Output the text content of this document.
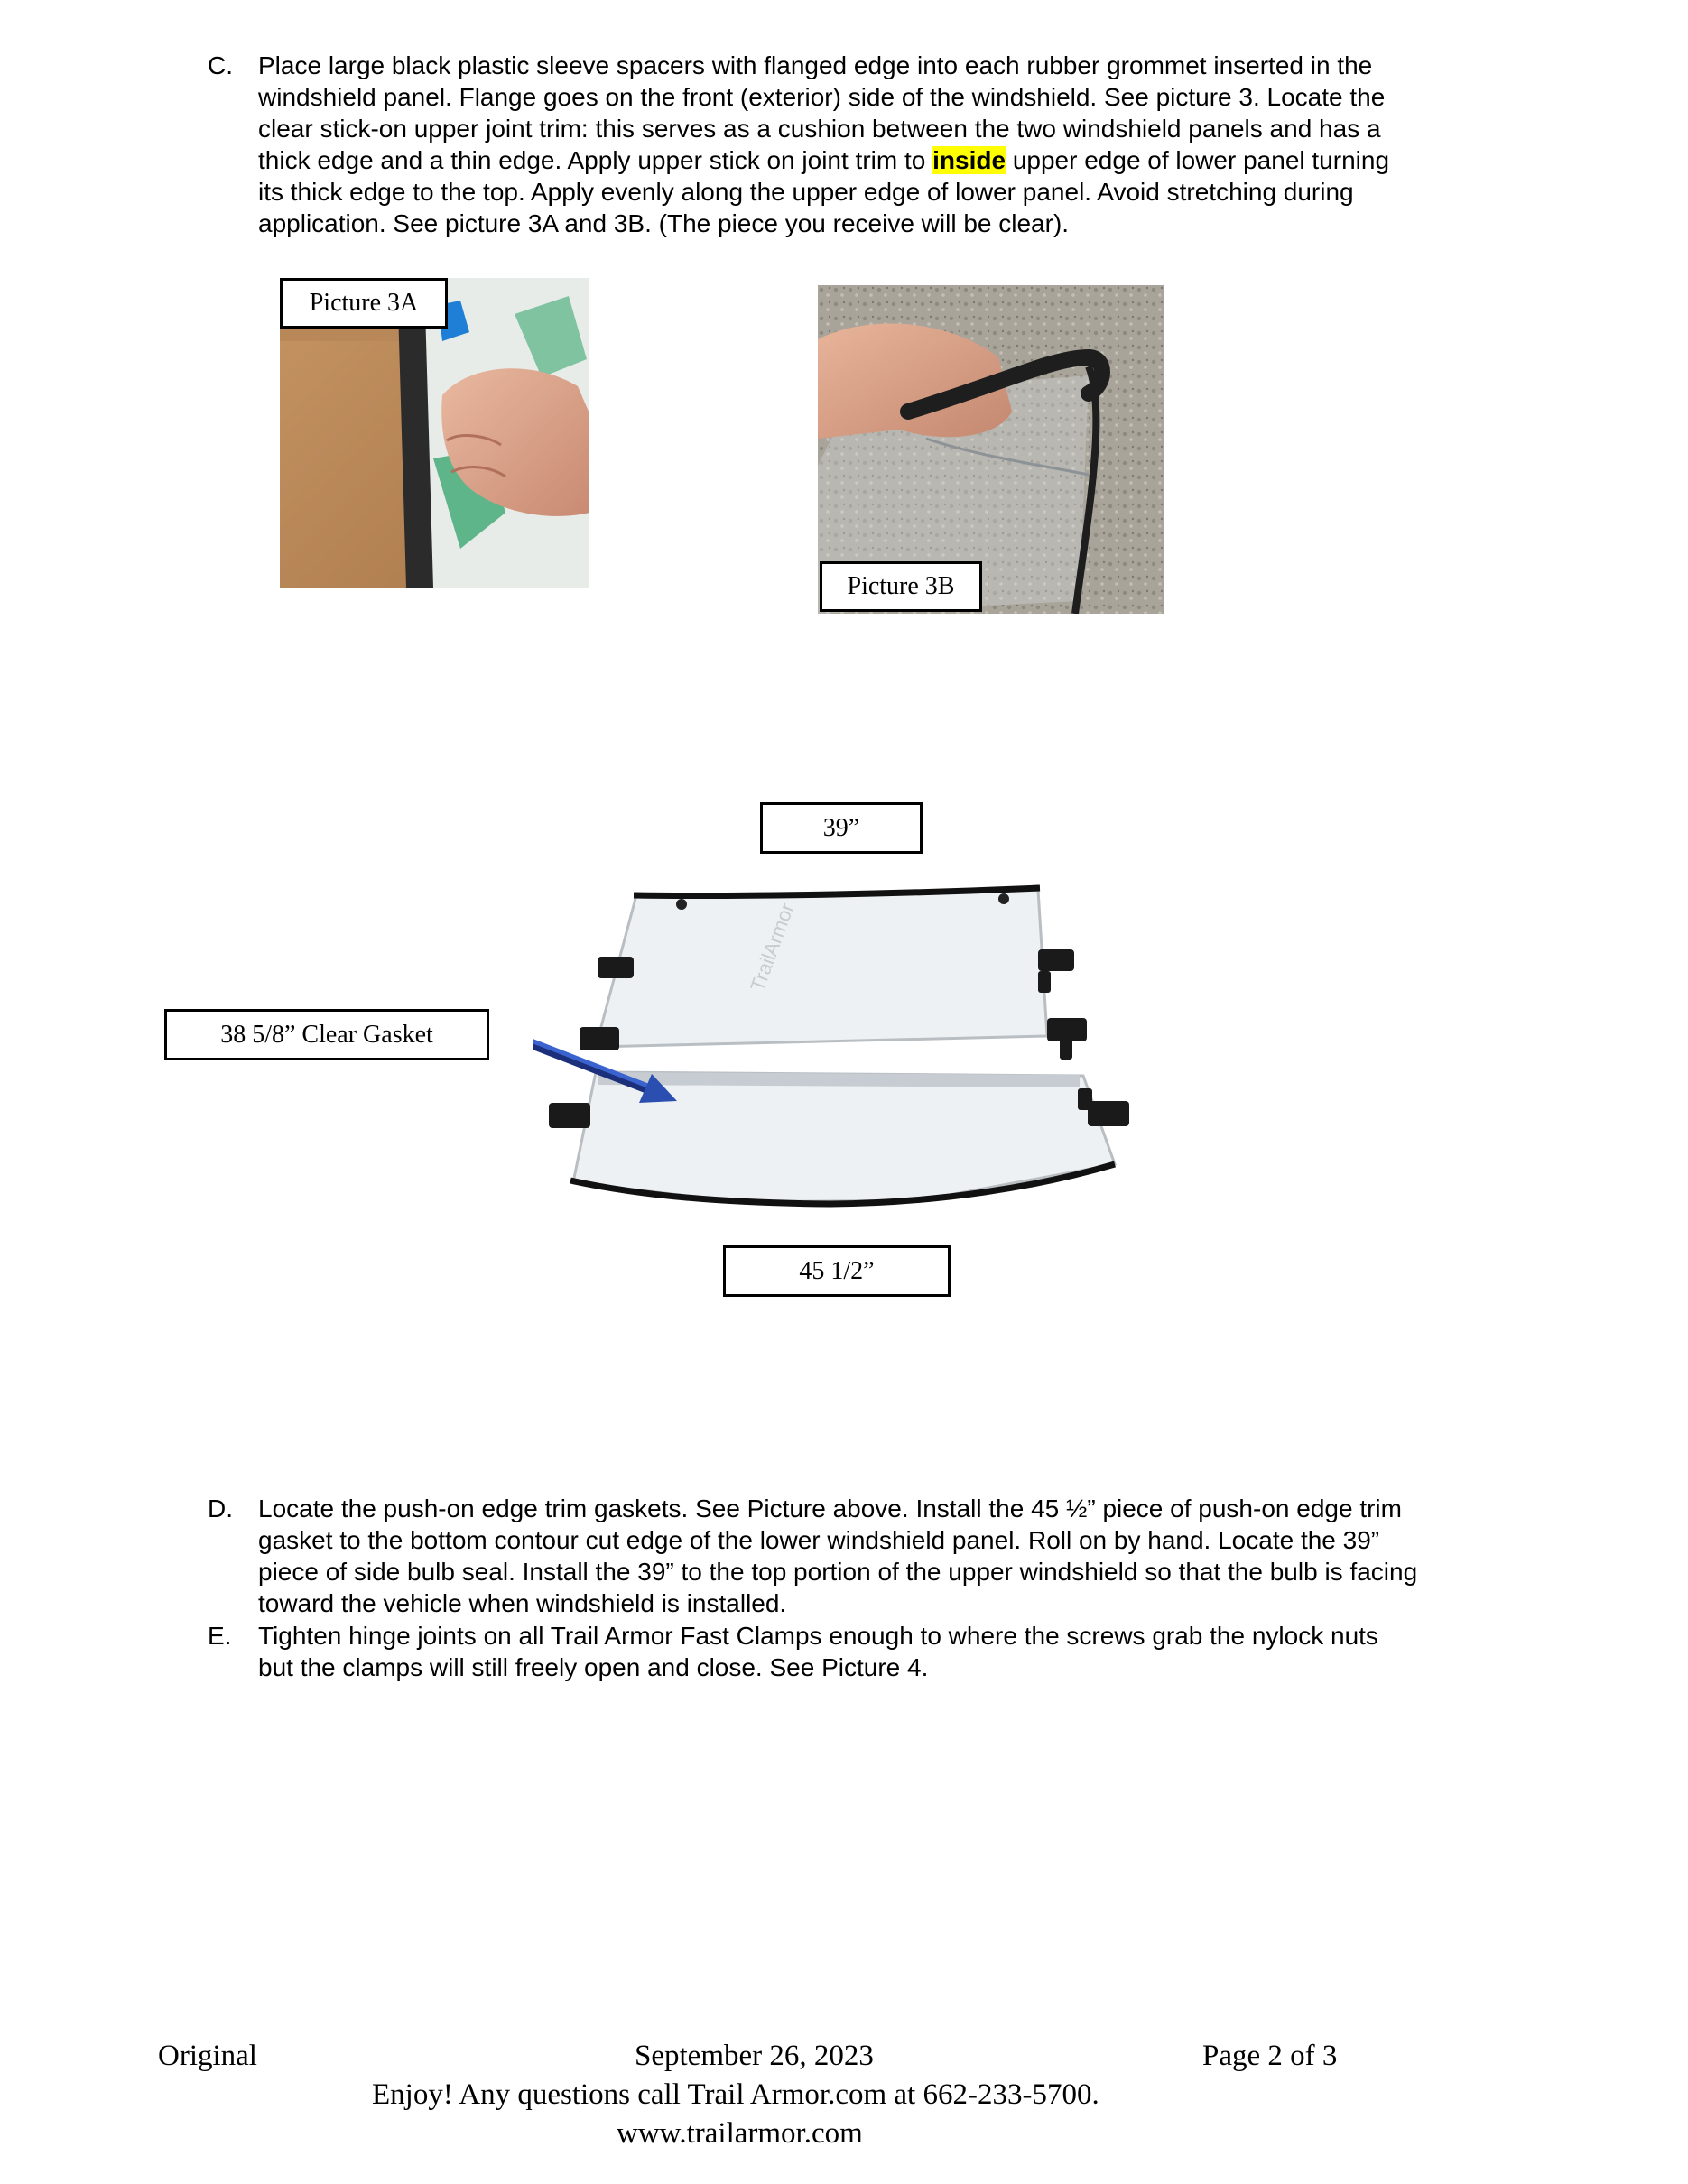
C. Place large black plastic sleeve spacers with flanged edge into each rubber grommet inserted in the
windshield panel. Flange goes on the front (exterior) side of the windshield. See picture 3. Locate the
clear stick-on upper joint trim: this serves as a cushion between the two windshield panels and has a
thick edge and a thin edge. Apply upper stick on joint trim to inside upper edge of lower panel turning
its thick edge to the top. Apply evenly along the upper edge of lower panel. Avoid stretching during
application. See picture 3A and 3B. (The piece you receive will be clear).
Picture 3A
Picture 3B
39”
TrailArmor
38 5/8” Clear Gasket
45 1/2”
D. Locate the push-on edge trim gaskets. See Picture above. Install the 45 ½” piece of push-on edge trim
gasket to the bottom contour cut edge of the lower windshield panel. Roll on by hand. Locate the 39”
piece of side bulb seal. Install the 39” to the top portion of the upper windshield so that the bulb is facing
toward the vehicle when windshield is installed.
E. Tighten hinge joints on all Trail Armor Fast Clamps enough to where the screws grab the nylock nuts
but the clamps will still freely open and close. See Picture 4.
Original	September 26, 2023	Page 2 of 3
Enjoy! Any questions call Trail Armor.com at 662-233-5700.
www.trailarmor.com
